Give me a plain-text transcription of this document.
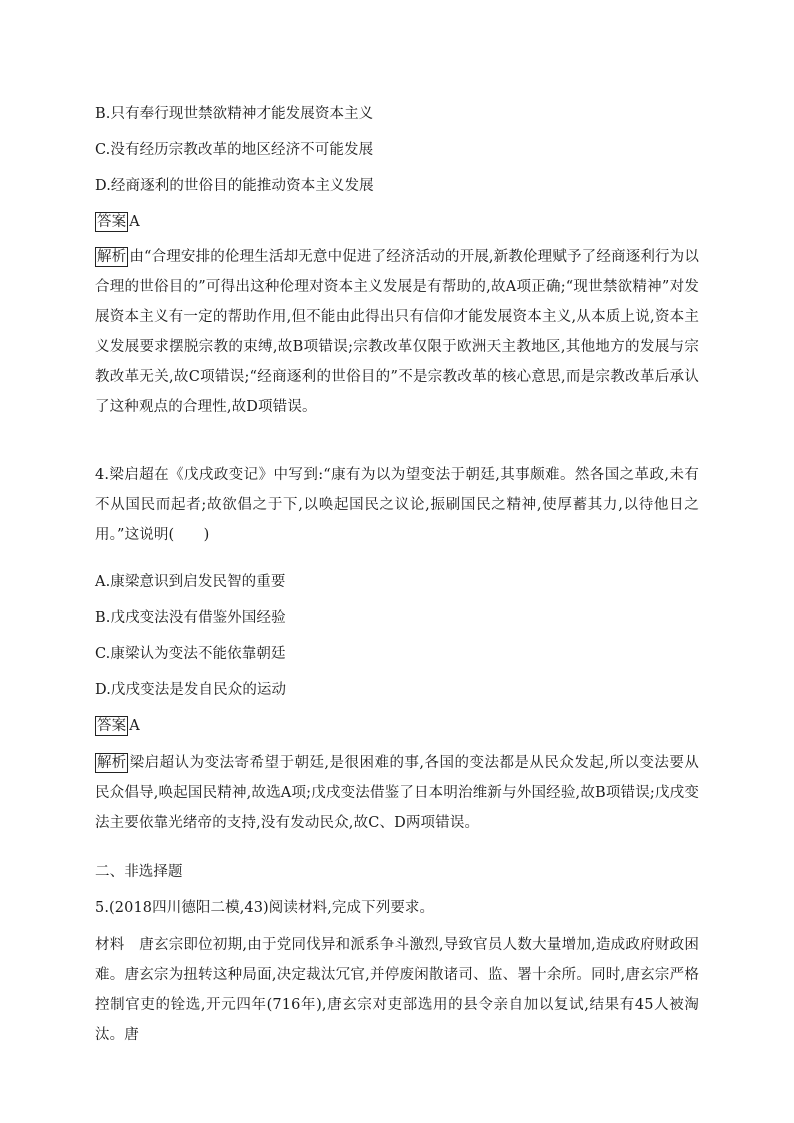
B.只有奉行现世禁欲精神才能发展资本主义
C.没有经历宗教改革的地区经济不可能发展
D.经商逐利的世俗目的能推动资本主义发展
答案 A
解析 由“合理安排的伦理生活却无意中促进了经济活动的开展,新教伦理赋予了经商逐利行为以合理的世俗目的”可得出这种伦理对资本主义发展是有帮助的,故A项正确;“现世禁欲精神”对发展资本主义有一定的帮助作用,但不能由此得出只有信仰才能发展资本主义,从本质上说,资本主义发展要求摆脱宗教的束缚,故B项错误;宗教改革仅限于欧洲天主教地区,其他地方的发展与宗教改革无关,故C项错误;“经商逐利的世俗目的”不是宗教改革的核心意思,而是宗教改革后承认了这种观点的合理性,故D项错误。
4.梁启超在《戊戌政变记》中写到:“康有为以为望变法于朝廷,其事颇难。然各国之革政,未有不从国民而起者;故欲倡之于下,以唤起国民之议论,振刷国民之精神,使厚蓄其力,以待他日之用。”这说明(　　)
A.康梁意识到启发民智的重要
B.戊戌变法没有借鉴外国经验
C.康梁认为变法不能依靠朝廷
D.戊戌变法是发自民众的运动
答案 A
解析 梁启超认为变法寄希望于朝廷,是很困难的事,各国的变法都是从民众发起,所以变法要从民众倡导,唤起国民精神,故选A项;戊戌变法借鉴了日本明治维新与外国经验,故B项错误;戊戌变法主要依靠光绪帝的支持,没有发动民众,故C、D两项错误。
二、非选择题
5.(2018四川德阳二模,43)阅读材料,完成下列要求。
材料　唐玄宗即位初期,由于党同伐异和派系争斗激烈,导致官员人数大量增加,造成政府财政困难。唐玄宗为扭转这种局面,决定裁汰冗官,并停废闲散诸司、监、署十余所。同时,唐玄宗严格控制官吏的铨选,开元四年(716年),唐玄宗对吏部选用的县令亲自加以复试,结果有45人被淘汰。唐
